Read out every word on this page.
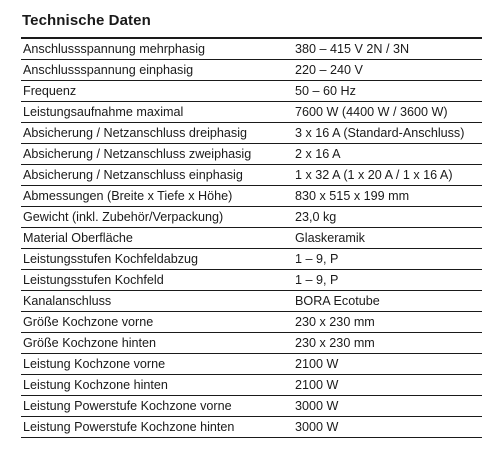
Technische Daten
Anschlussspannung mehrphasig	380 – 415 V 2N / 3N
Anschlussspannung einphasig	220 – 240 V
Frequenz	50 – 60 Hz
Leistungsaufnahme maximal	7600 W (4400 W / 3600 W)
Absicherung / Netzanschluss dreiphasig	3 x 16 A (Standard-Anschluss)
Absicherung / Netzanschluss zweiphasig	2 x 16 A
Absicherung / Netzanschluss einphasig	1 x 32 A (1 x 20 A / 1 x 16 A)
Abmessungen (Breite x Tiefe x Höhe)	830 x 515 x 199 mm
Gewicht (inkl. Zubehör/Verpackung)	23,0 kg
Material Oberfläche	Glaskeramik
Leistungsstufen Kochfeldabzug	1 – 9, P
Leistungsstufen Kochfeld	1 – 9, P
Kanalanschluss	BORA Ecotube
Größe Kochzone vorne	230 x 230 mm
Größe Kochzone hinten	230 x 230 mm
Leistung Kochzone vorne	2100 W
Leistung Kochzone hinten	2100 W
Leistung Powerstufe Kochzone vorne	3000 W
Leistung Powerstufe Kochzone hinten	3000 W
